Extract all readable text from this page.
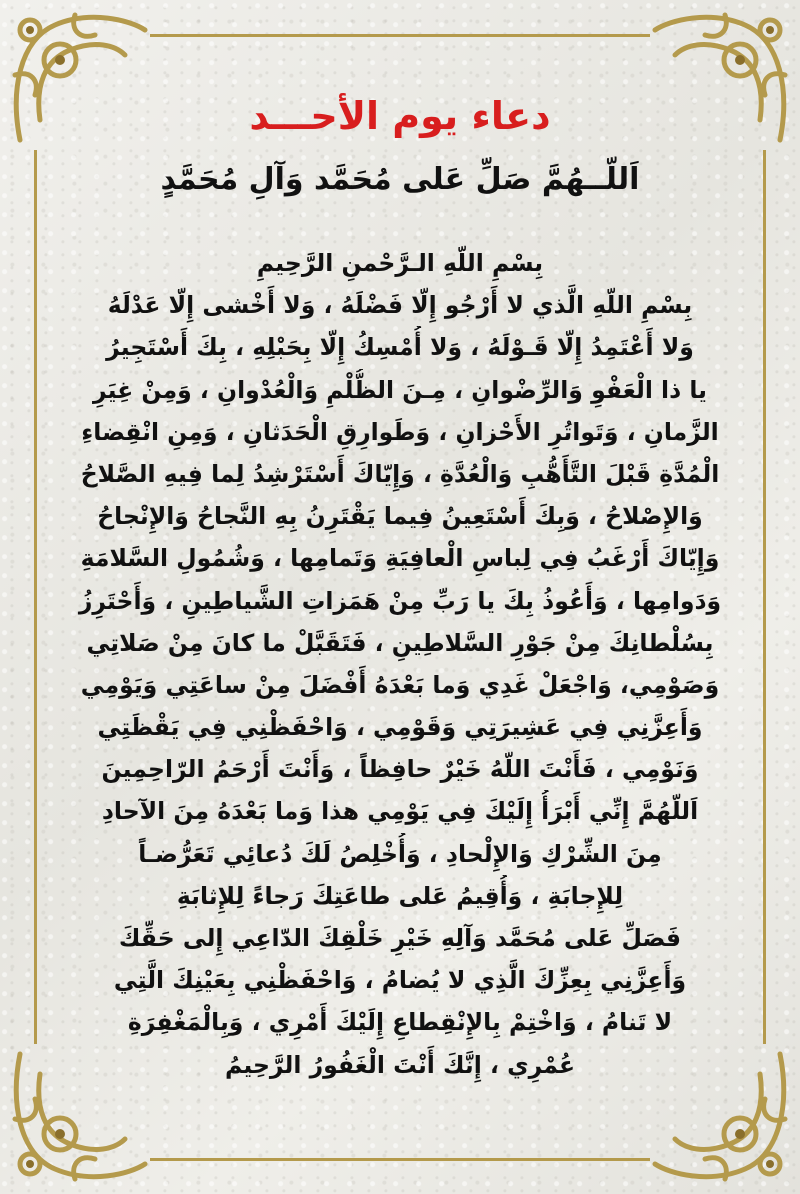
دعاء يوم الأحـــد
اَللّــهُمَّ صَلِّ عَلى مُحَمَّد وَآلِ مُحَمَّدٍ
بِسْمِ اللّهِ الـرَّحْمنِ الرَّحِيمِ
بِسْمِ اللّهِ الَّذي لا أَرْجُو إِلّا فَضْلَهُ ، وَلا أَخْشى إِلّا عَدْلَهُ
وَلا أَعْتَمِدُ إِلّا قَـوْلَهُ ، وَلا أُمْسِكُ إِلّا بِحَبْلِهِ ، بِكَ أَسْتَجِيرُ
يا ذا الْعَفْوِ وَالرِّضْوانِ ، مِـنَ الظُّلْمِ وَالْعُدْوانِ ، وَمِنْ غِيَرِ
الزَّمانِ ، وَتَواتُرِ الأَحْزانِ ، وَطَوارِقِ الْحَدَثانِ ، وَمِنِ انْقِضاءِ
الْمُدَّةِ قَبْلَ التَّأَهُّبِ وَالْعُدَّةِ ، وَإِيّاكَ أَسْتَرْشِدُ لِما فِيهِ الصَّلاحُ
وَالإِصْلاحُ ، وَبِكَ أَسْتَعِينُ فِيما يَقْتَرِنُ بِهِ النَّجاحُ وَالإِنْجاحُ
وَإِيّاكَ أَرْغَبُ فِي لِباسِ الْعافِيَةِ وَتَمامِها ، وَشُمُولِ السَّلامَةِ
وَدَوامِها ، وَأَعُوذُ بِكَ يا رَبِّ مِنْ هَمَزاتِ الشَّياطِينِ ، وَأَحْتَرِزُ
بِسُلْطانِكَ مِنْ جَوْرِ السَّلاطِينِ ، فَتَقَبَّلْ ما كانَ مِنْ صَلاتِي
وَصَوْمِي، وَاجْعَلْ غَدِي وَما بَعْدَهُ أَفْضَلَ مِنْ ساعَتِي وَيَوْمِي
وَأَعِزَّنِي فِي عَشِيرَتِي وَقَوْمِي ، وَاحْفَظْنِي فِي يَقْظَتِي
وَنَوْمِي ، فَأَنْتَ اللّهُ خَيْرٌ حافِظاً ، وَأَنْتَ أَرْحَمُ الرّاحِمِينَ
اَللّهُمَّ إِنِّي أَبْرَأُ إِلَيْكَ فِي يَوْمِي هذا وَما بَعْدَهُ مِنَ الآحادِ
مِنَ الشِّرْكِ وَالإِلْحادِ ، وَأُخْلِصُ لَكَ دُعائِي تَعَرُّضـاً
لِلإِجابَةِ ، وَأُقِيمُ عَلى طاعَتِكَ رَجاءً لِلإِثابَةِ
فَصَلِّ عَلى مُحَمَّد وَآلِهِ خَيْرِ خَلْقِكَ الدّاعِي إِلى حَقِّكَ
وَأَعِزَّنِي بِعِزِّكَ الَّذِي لا يُضامُ ، وَاحْفَظْنِي بِعَيْنِكَ الَّتِي
لا تَنامُ ، وَاخْتِمْ بِالإِنْقِطاعِ إِلَيْكَ أَمْرِي ، وَبِالْمَغْفِرَةِ
عُمْرِي ، إِنَّكَ أَنْتَ الْغَفُورُ الرَّحِيمُ
